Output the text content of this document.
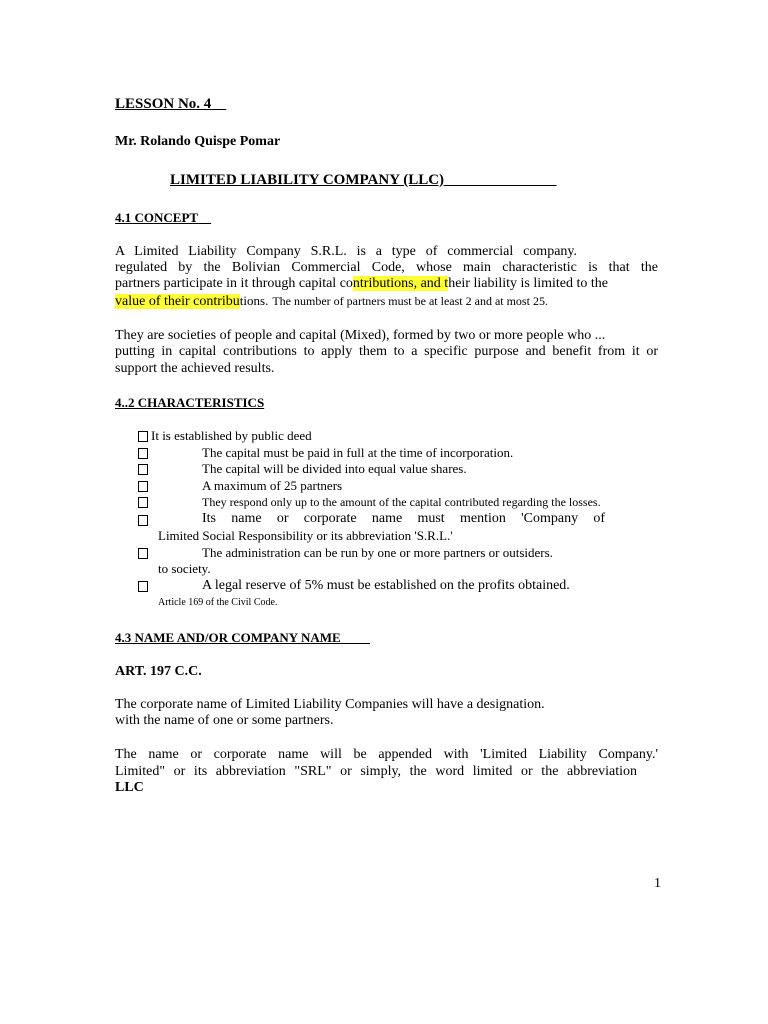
LESSON No. 4
Mr. Rolando Quispe Pomar
LIMITED LIABILITY COMPANY (LLC)
4.1 CONCEPT
A Limited Liability Company S.R.L. is a type of commercial company.
regulated by the Bolivian Commercial Code, whose main characteristic is that the
partners participate in it through capital contributions, and their liability is limited to the
value of their contributions. The number of partners must be at least 2 and at most 25.
They are societies of people and capital (Mixed), formed by two or more people who ...
putting in capital contributions to apply them to a specific purpose and benefit from it or
support the achieved results.
4..2 CHARACTERISTICS
It is established by public deed
The capital must be paid in full at the time of incorporation.
The capital will be divided into equal value shares.
A maximum of 25 partners
They respond only up to the amount of the capital contributed regarding the losses.
Its name or corporate name must mention 'Company of
Limited Social Responsibility or its abbreviation 'S.R.L.'
The administration can be run by one or more partners or outsiders.
to society.
A legal reserve of 5% must be established on the profits obtained.
Article 169 of the Civil Code.
4.3 NAME AND/OR COMPANY NAME
ART. 197 C.C.
The corporate name of Limited Liability Companies will have a designation.
with the name of one or some partners.
The name or corporate name will be appended with 'Limited Liability Company.'
Limited" or its abbreviation "SRL" or simply, the word limited or the abbreviation
LLC
1
